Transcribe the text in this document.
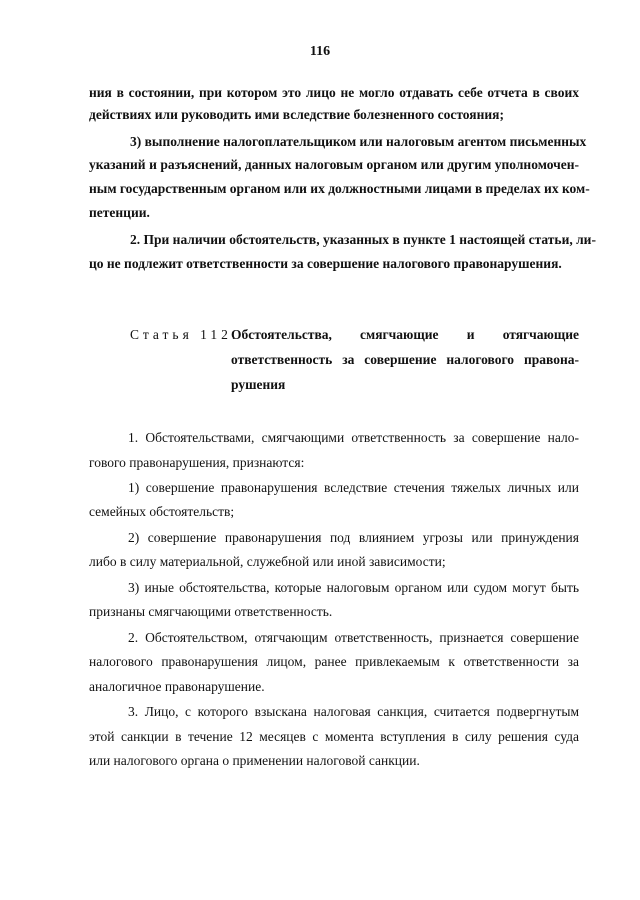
116
ния в состоянии, при котором это лицо не могло отдавать себе отчета в своих
действиях или руководить ими вследствие болезненного состояния;
3) выполнение налогоплательщиком или налоговым агентом письменных
указаний и разъяснений, данных налоговым органом или другим уполномочен-
ным государственным органом или их должностными лицами в пределах их ком-
петенции.
2. При наличии обстоятельств, указанных в пункте 1 настоящей статьи, ли-
цо не подлежит ответственности за совершение налогового правонарушения.
Статья 112.
Обстоятельства, смягчающие и отягчающие
ответственность за совершение налогового правона-
рушения
1. Обстоятельствами, смягчающими ответственность за совершение нало-
гового правонарушения, признаются:
1) совершение правонарушения вследствие стечения тяжелых личных или
семейных обстоятельств;
2) совершение правонарушения под влиянием угрозы или принуждения
либо в силу материальной, служебной или иной зависимости;
3) иные обстоятельства, которые налоговым органом или судом могут быть
признаны смягчающими ответственность.
2. Обстоятельством, отягчающим ответственность, признается совершение
налогового правонарушения лицом, ранее привлекаемым к ответственности за
аналогичное правонарушение.
3. Лицо, с которого взыскана налоговая санкция, считается подвергнутым
этой санкции в течение 12 месяцев с момента вступления в силу решения суда
или налогового органа о применении налоговой санкции.
